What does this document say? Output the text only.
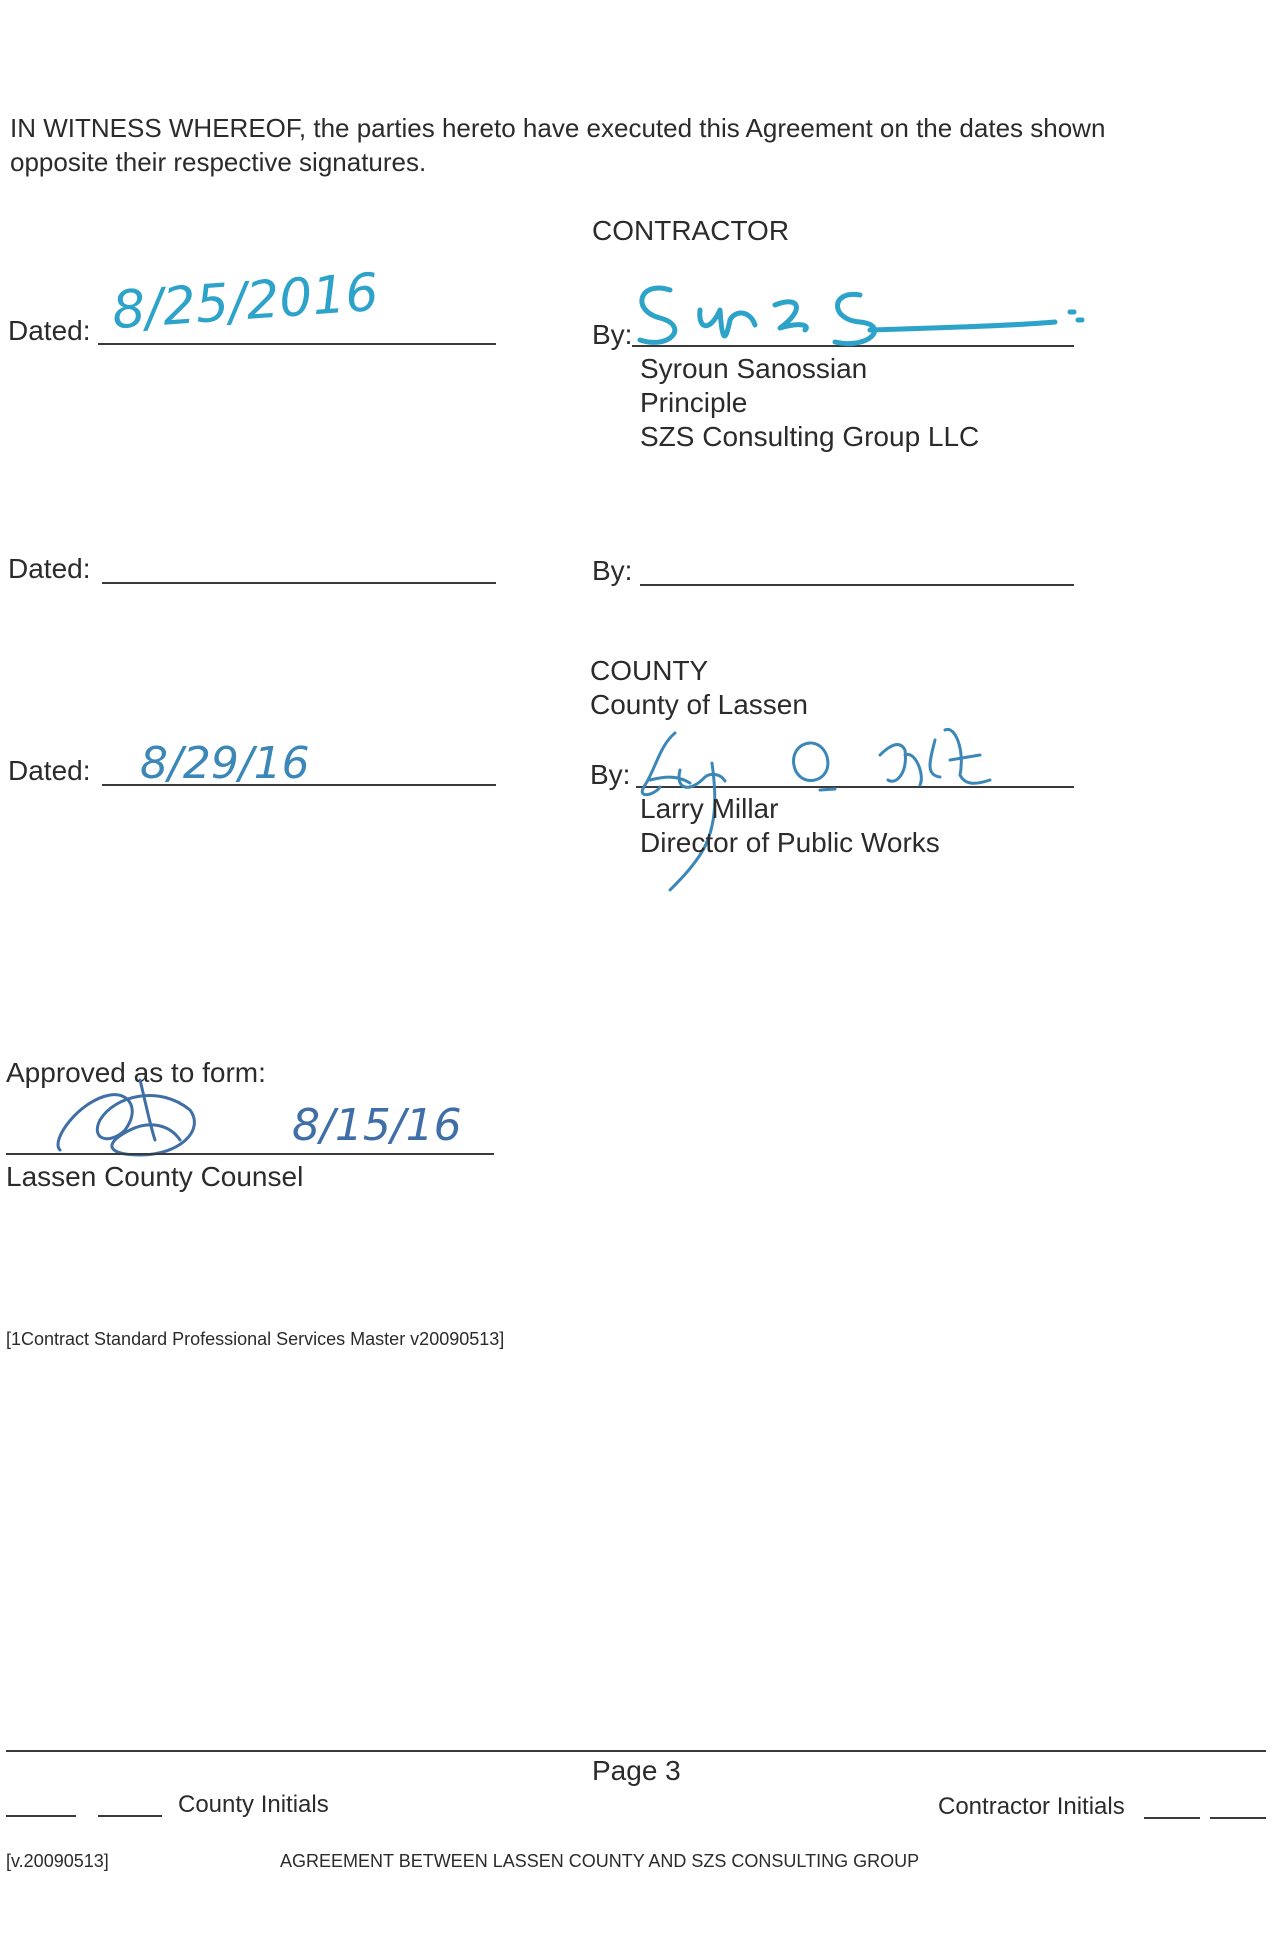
IN WITNESS WHEREOF, the parties hereto have executed this Agreement on the dates shown
opposite their respective signatures.
CONTRACTOR
Dated: 8/25/2016	By:
Syroun Sanossian
Principle
SZS Consulting Group LLC
Dated:	By:
COUNTY
County of Lassen
Dated: 8/29/16	By:
Larry Millar
Director of Public Works
Approved as to form:
8/15/16
Lassen County Counsel
[1Contract Standard Professional Services Master v20090513]
Page 3
County Initials	Contractor Initials
[v.20090513]	AGREEMENT BETWEEN LASSEN COUNTY AND SZS CONSULTING GROUP
